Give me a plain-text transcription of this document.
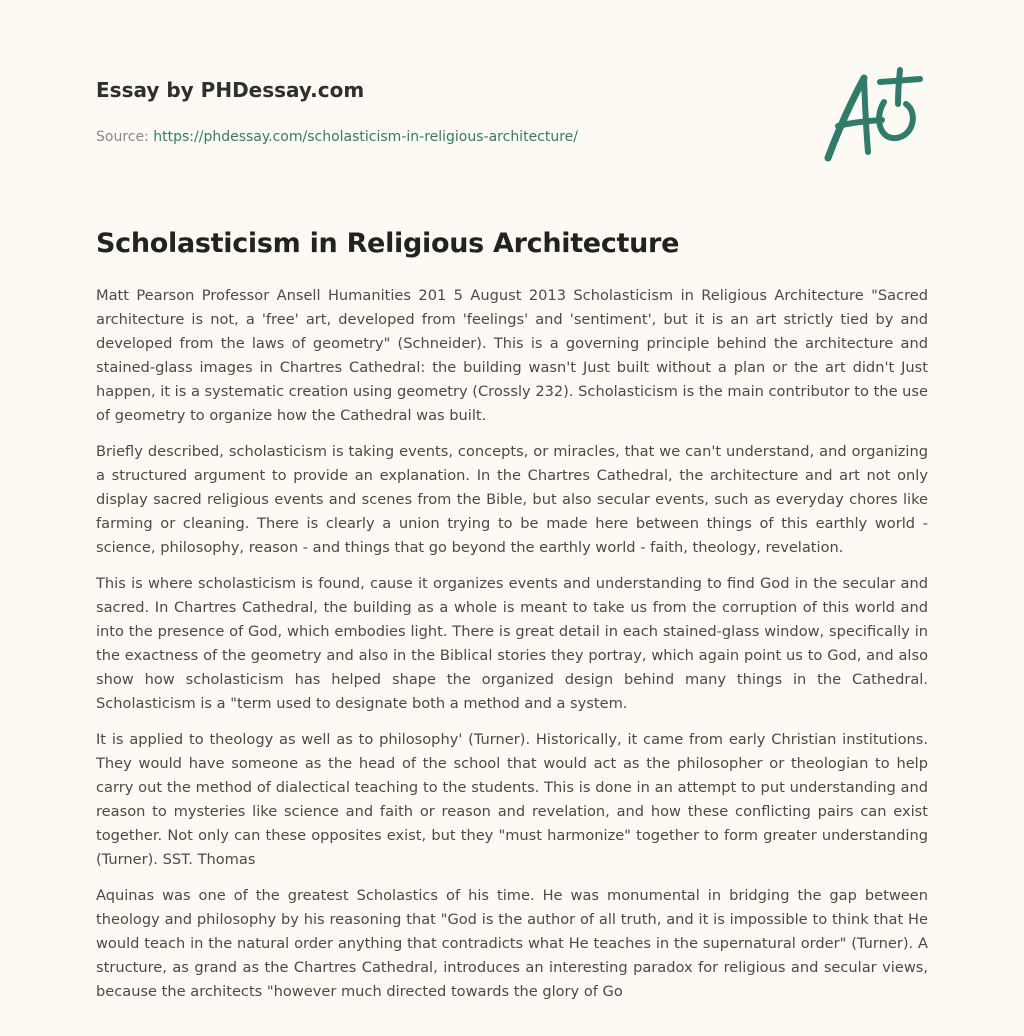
Essay by PHDessay.com
Source: https://phdessay.com/scholasticism-in-religious-architecture/
Scholasticism in Religious Architecture

Matt Pearson Professor Ansell Humanities 201 5 August 2013 Scholasticism in Religious Architecture "Sacred architecture is not, a 'free' art, developed from 'feelings' and 'sentiment', but it is an art strictly tied by and developed from the laws of geometry" (Schneider). This is a governing principle behind the architecture and stained-glass images in Chartres Cathedral: the building wasn't Just built without a plan or the art didn't Just happen, it is a systematic creation using geometry (Crossly 232). Scholasticism is the main contributor to the use of geometry to organize how the Cathedral was built.

Briefly described, scholasticism is taking events, concepts, or miracles, that we can't understand, and organizing a structured argument to provide an explanation. In the Chartres Cathedral, the architecture and art not only display sacred religious events and scenes from the Bible, but also secular events, such as everyday chores like farming or cleaning. There is clearly a union trying to be made here between things of this earthly world - science, philosophy, reason - and things that go beyond the earthly world - faith, theology, revelation.

This is where scholasticism is found, cause it organizes events and understanding to find God in the secular and sacred. In Chartres Cathedral, the building as a whole is meant to take us from the corruption of this world and into the presence of God, which embodies light. There is great detail in each stained-glass window, specifically in the exactness of the geometry and also in the Biblical stories they portray, which again point us to God, and also show how scholasticism has helped shape the organized design behind many things in the Cathedral. Scholasticism is a "term used to designate both a method and a system.

It is applied to theology as well as to philosophy' (Turner). Historically, it came from early Christian institutions. They would have someone as the head of the school that would act as the philosopher or theologian to help carry out the method of dialectical teaching to the students. This is done in an attempt to put understanding and reason to mysteries like science and faith or reason and revelation, and how these conflicting pairs can exist together. Not only can these opposites exist, but they "must harmonize" together to form greater understanding (Turner). SST. Thomas

Aquinas was one of the greatest Scholastics of his time. He was monumental in bridging the gap between theology and philosophy by his reasoning that "God is the author of all truth, and it is impossible to think that He would teach in the natural order anything that contradicts what He teaches in the supernatural order" (Turner). A structure, as grand as the Chartres Cathedral, introduces an interesting paradox for religious and secular views, because the architects "however much directed towards the glory of Go
